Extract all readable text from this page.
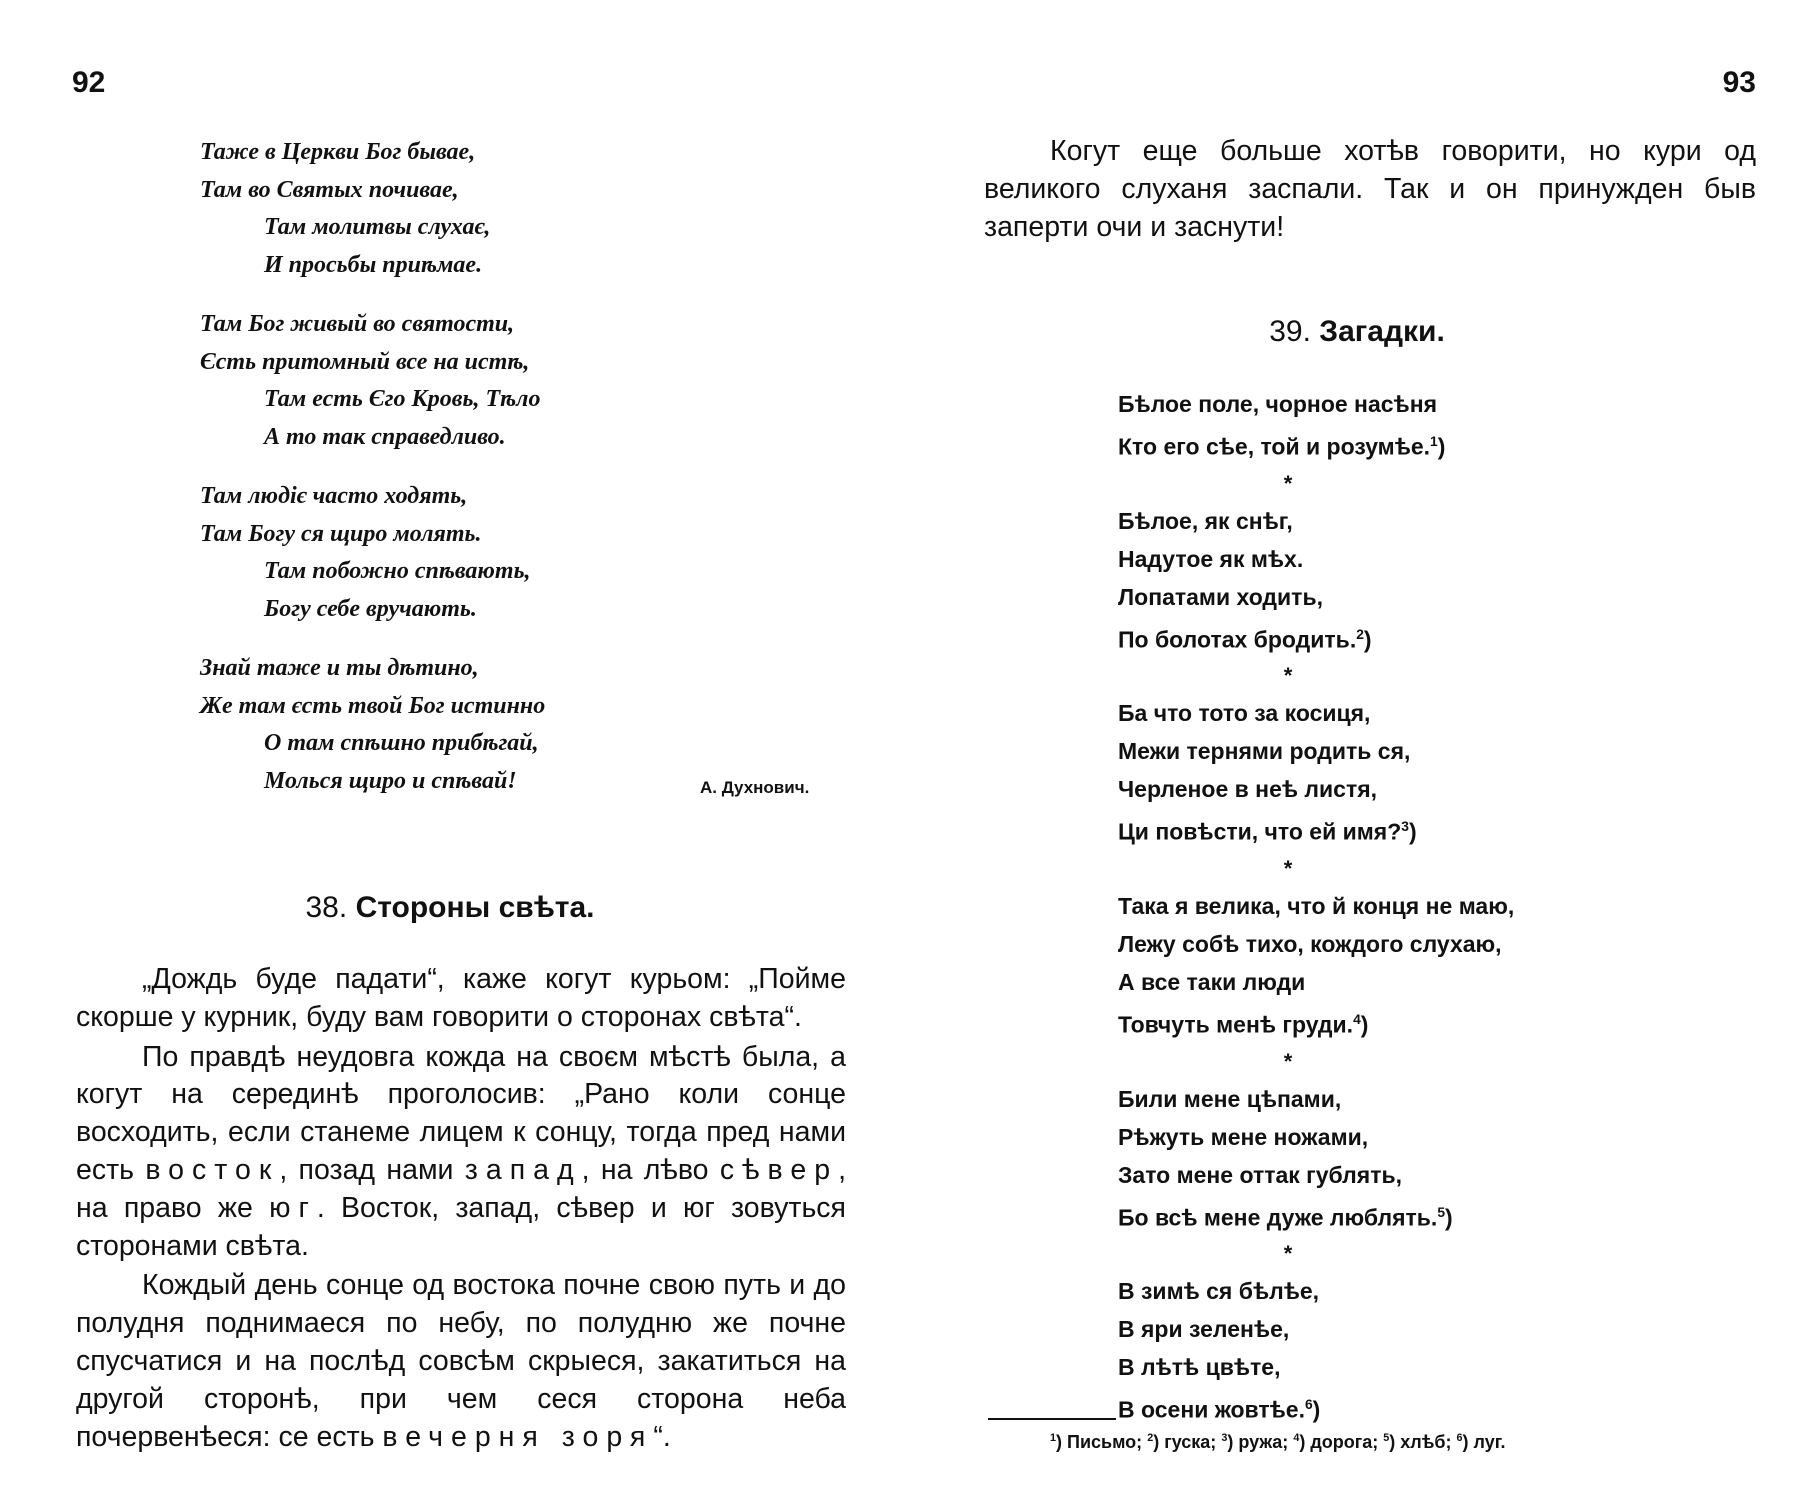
92
Таже в Церкви Бог бывае,
Там во Святых почивае,
Там молитвы слухає,
И просьбы приѣмае.
Там Бог живый во святости,
Єсть притомный все на истѣ,
Там есть Єго Кровь, Тѣло
А то так справедливо.
Там людіє часто ходять,
Там Богу ся щиро молять.
Там побожно спѣвають,
Богу себе вручають.
Знай таже и ты дѣтино,
Же там єсть твой Бог истинно
О там спѣшно прибѣгай,
Молься щиро и спѣвай!	А. Духнович.
38. Стороны свѣта.

„Дождь буде падати“, каже когут курьом: „Пойме скорше у курник, буду вам говорити о сторонах свѣта“.

По правдѣ неудовга кожда на своєм мѣстѣ была, а когут на серединѣ проголосив: „Рано коли сонце восходить, если станеме лицем к сонцу, тогда пред нами есть восток, позад нами запад, на лѣво сѣвер, на право же юг. Восток, запад, сѣвер и юг зовуться сторонами свѣта.

Кождый день сонце од востока почне свою путь и до полудня поднимаеся по небу, по полудню же почне спусчатися и на послѣд совсѣм скрыеся, закатиться на другой сторонѣ, при чем сеся сторона неба почервенѣеся: се есть вечерня зоря“.

93

Когут еще больше хотѣв говорити, но кури од великого слуханя заспали. Так и он принужден быв заперти очи и заснути!

39. Загадки.
Бѣлое поле, чорное насѣня
Кто его сѣе, той и розумѣе.$^1$)
*
Бѣлое, як снѣг,
Надутое як мѣх.
Лопатами ходить,
По болотах бродить.$^2$)
*
Ба что тото за косиця,
Межи тернями родить ся,
Черленое в неѣ листя,
Ци повѣсти, что ей имя?$^3$)
*
Така я велика, что й конця не маю,
Лежу собѣ тихо, кождого слухаю,
А все таки люди
Товчуть менѣ груди.$^4$)
*
Били мене цѣпами,
Рѣжуть мене ножами,
Зато мене оттак гублять,
Бо всѣ мене дуже люблять.$^5$)
*
В зимѣ ся бѣлѣе,
В яри зеленѣе,
В лѣтѣ цвѣте,
В осени жовтѣе.$^6$)
$^1$) Письмо; $^2$) гуска; $^3$) ружа; $^4$) дорога; $^5$) хлѣб; $^6$) луг.
